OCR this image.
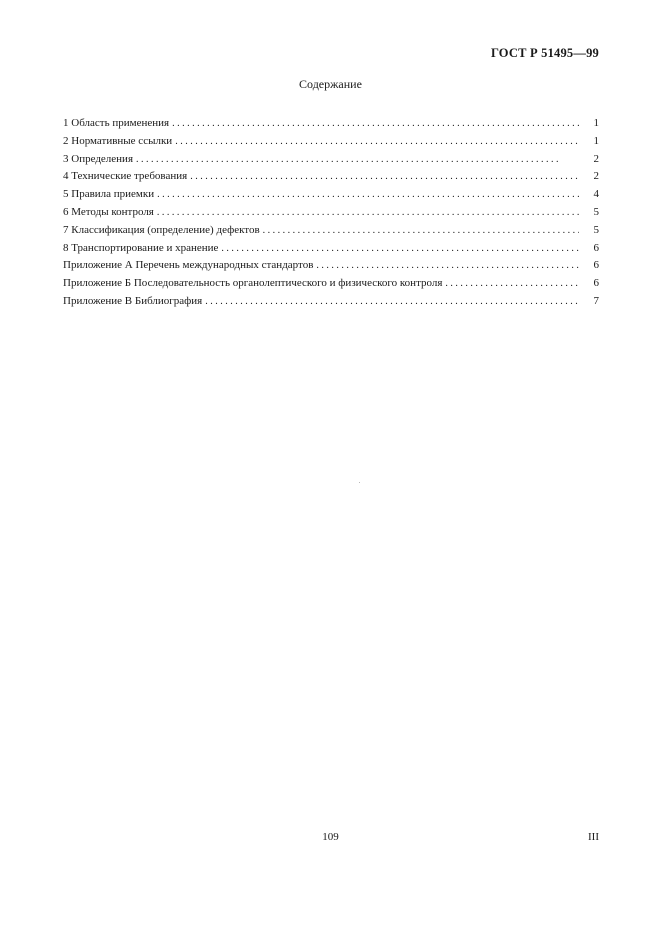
ГОСТ Р 51495—99
Содержание
1 Область применения . . .	1
2 Нормативные ссылки . . .	1
3 Определения . . .	2
4 Технические требования . . .	2
5 Правила приемки . . .	4
6 Методы контроля . . .	5
7 Классификация (определение) дефектов . . .	5
8 Транспортирование и хранение . . .	6
Приложение А Перечень международных стандартов . . .	6
Приложение Б Последовательность органолептического и физического контроля . . .	6
Приложение В Библиография . . .	7
109	III
